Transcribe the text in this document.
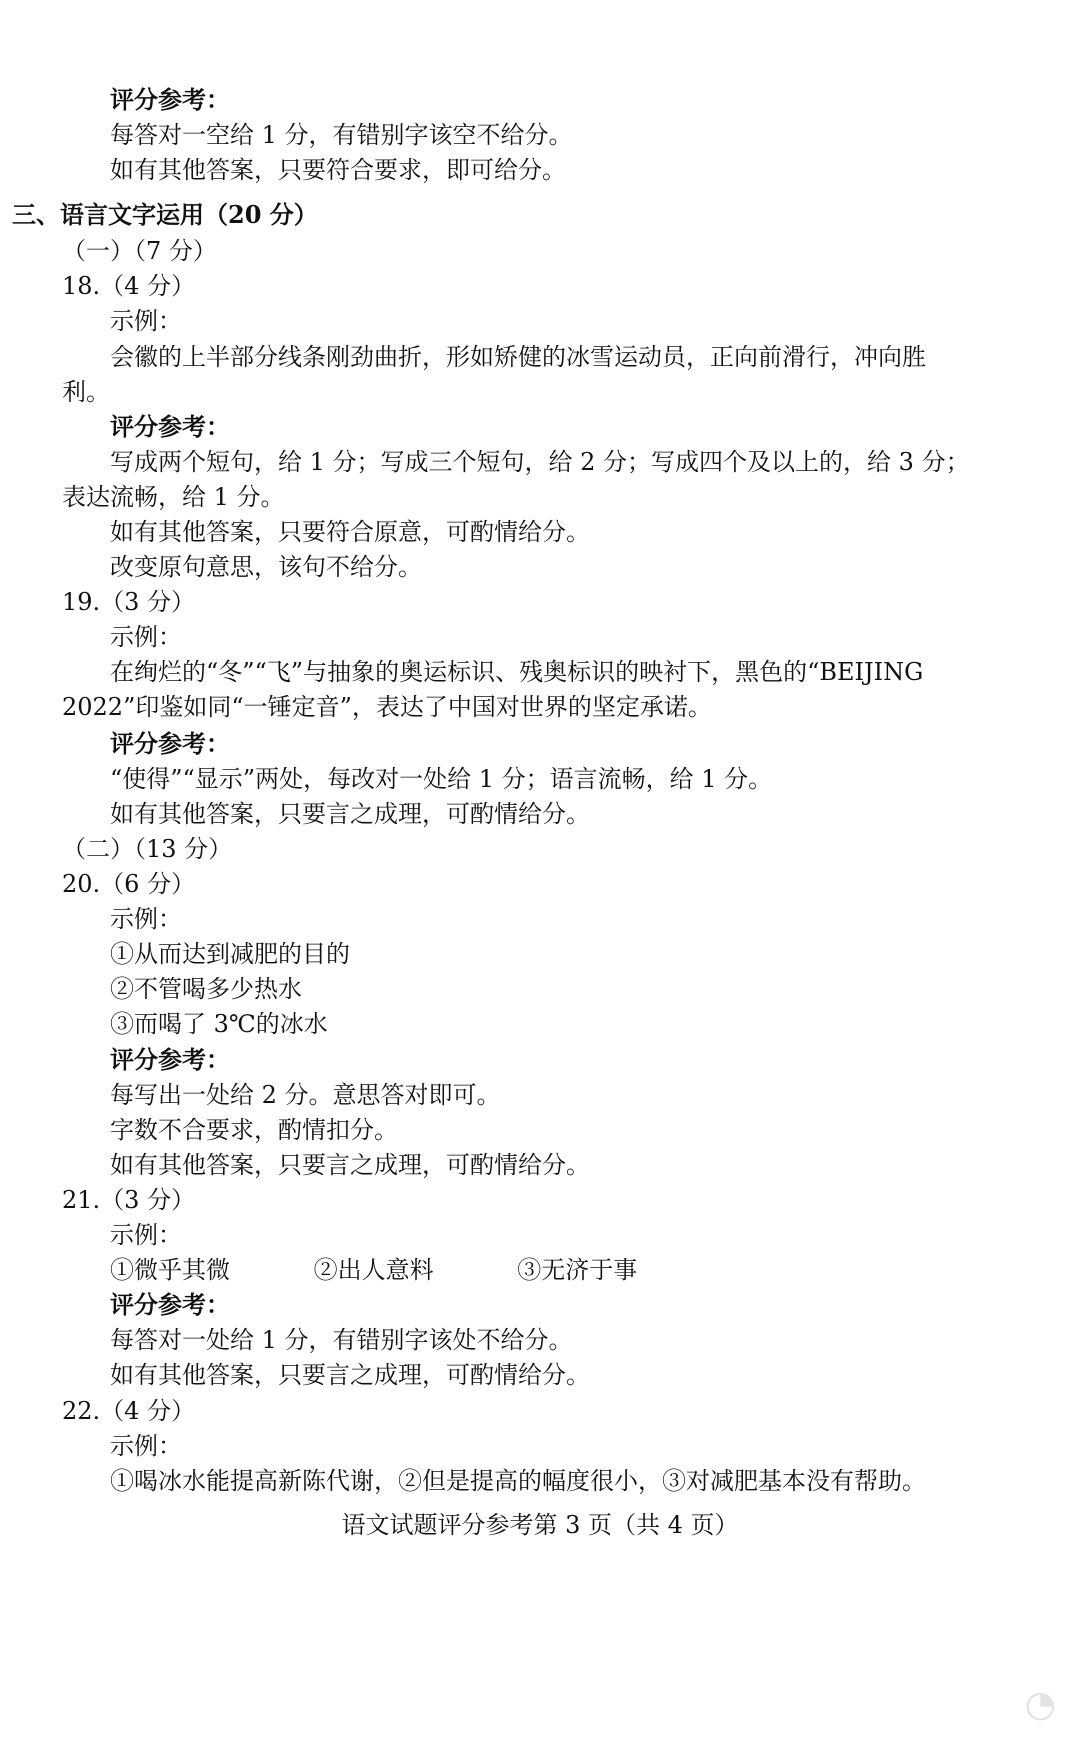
评分参考：
每答对一空给 1 分，有错别字该空不给分。
如有其他答案，只要符合要求，即可给分。
三、语言文字运用（20 分）
（一）（7 分）
18.（4 分）
示例：
会徽的上半部分线条刚劲曲折，形如矫健的冰雪运动员，正向前滑行，冲向胜
利。
评分参考：
写成两个短句，给 1 分；写成三个短句，给 2 分；写成四个及以上的，给 3 分；
表达流畅，给 1 分。
如有其他答案，只要符合原意，可酌情给分。
改变原句意思，该句不给分。
19.（3 分）
示例：
在绚烂的“冬”“飞”与抽象的奥运标识、残奥标识的映衬下，黑色的“BEIJING
2022”印鉴如同“一锤定音”，表达了中国对世界的坚定承诺。
评分参考：
“使得”“显示”两处，每改对一处给 1 分；语言流畅，给 1 分。
如有其他答案，只要言之成理，可酌情给分。
（二）（13 分）
20.（6 分）
示例：
①从而达到减肥的目的
②不管喝多少热水
③而喝了 3℃的冰水
评分参考：
每写出一处给 2 分。意思答对即可。
字数不合要求，酌情扣分。
如有其他答案，只要言之成理，可酌情给分。
21.（3 分）
示例：
①微乎其微	②出人意料	③无济于事
评分参考：
每答对一处给 1 分，有错别字该处不给分。
如有其他答案，只要言之成理，可酌情给分。
22.（4 分）
示例：
①喝冰水能提高新陈代谢，②但是提高的幅度很小，③对减肥基本没有帮助。
语文试题评分参考第 3 页（共 4 页）
◔
